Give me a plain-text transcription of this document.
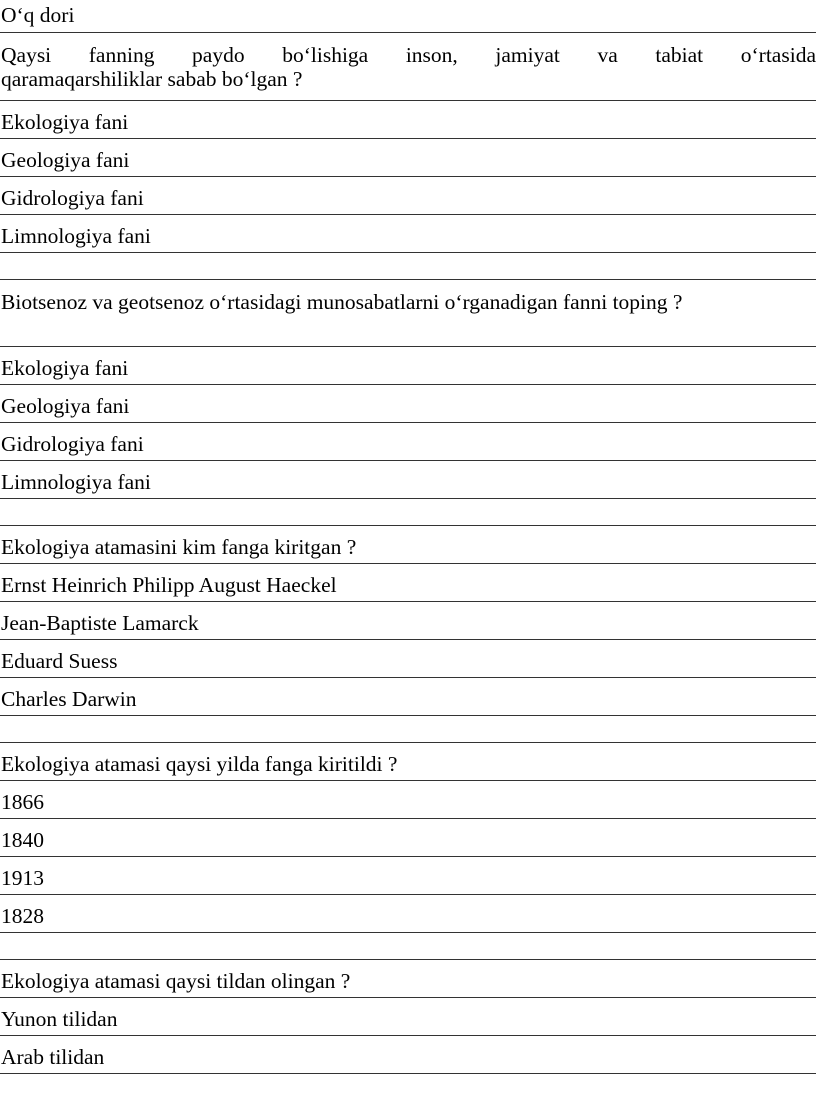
O‘q dori
Qaysi fanning paydo bo‘lishiga inson, jamiyat va tabiat o‘rtasida
qaramaqarshiliklar sabab bo‘lgan ?
Ekologiya fani
Geologiya fani
Gidrologiya fani
Limnologiya fani
Biotsenoz va geotsenoz o‘rtasidagi munosabatlarni o‘rganadigan fanni toping ?
Ekologiya fani
Geologiya fani
Gidrologiya fani
Limnologiya fani
Ekologiya atamasini kim fanga kiritgan ?
Ernst Heinrich Philipp August Haeckel
Jean-Baptiste Lamarck
Eduard Suess
Charles Darwin
Ekologiya atamasi qaysi yilda fanga kiritildi ?
1866
1840
1913
1828
Ekologiya atamasi qaysi tildan olingan ?
Yunon tilidan
Arab tilidan
